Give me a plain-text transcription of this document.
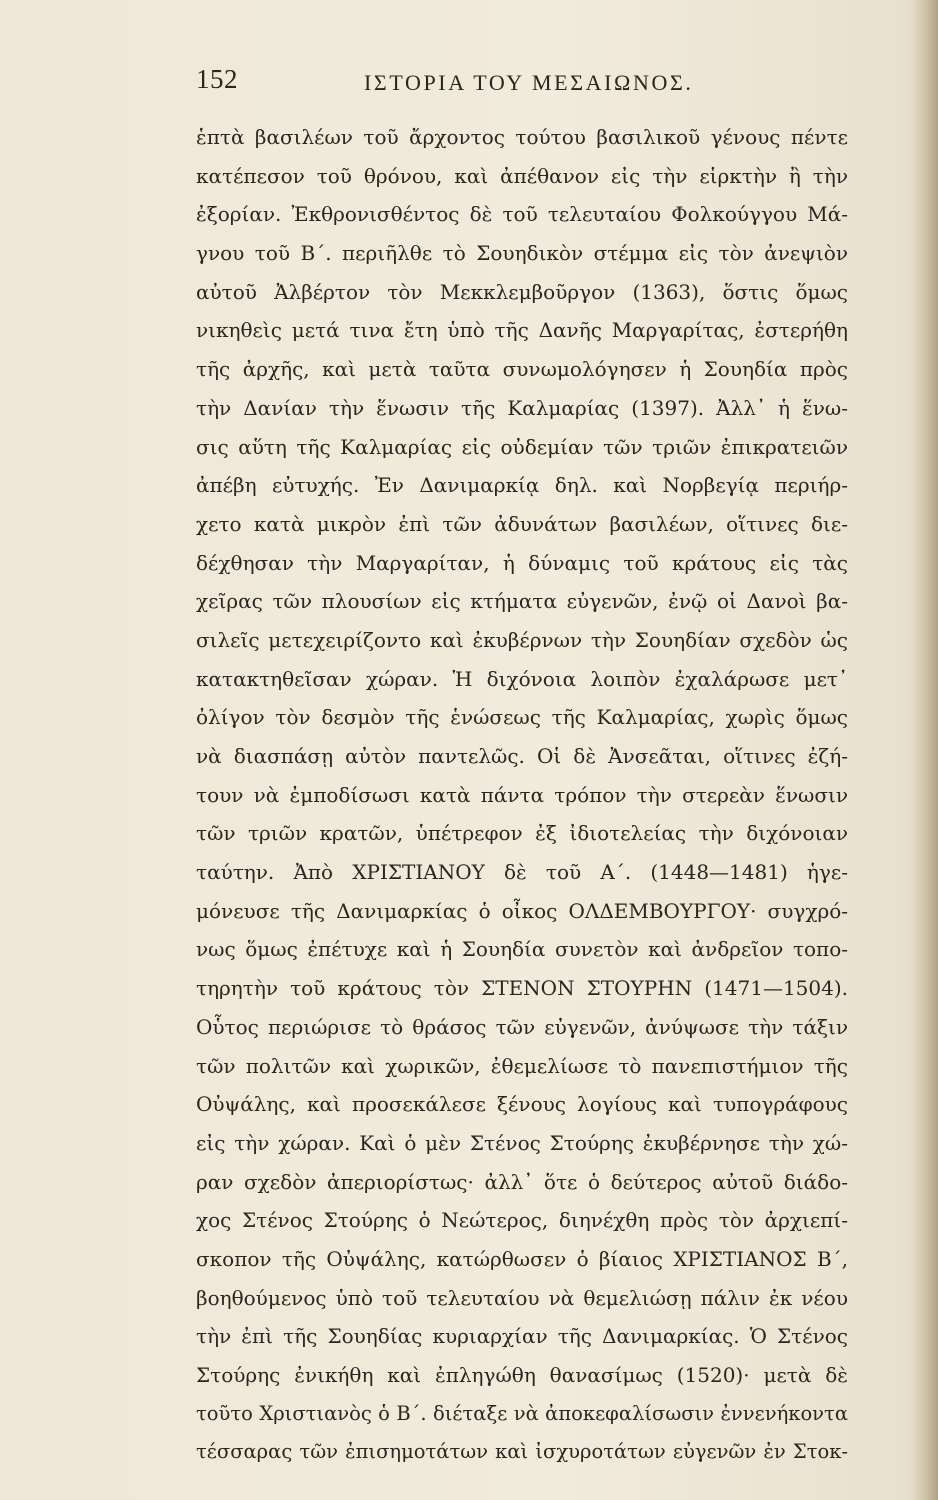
152	ΙΣΤΟΡΙΑ ΤΟΥ ΜΕΣΑΙΩΝΟΣ.
ἑπτὰ βασιλέων τοῦ ἄρχοντος τούτου βασιλικοῦ γένους πέντε
κατέπεσον τοῦ θρόνου, καὶ ἀπέθανον εἰς τὴν εἱρκτὴν ἢ τὴν
ἐξορίαν. Ἐκθρονισθέντος δὲ τοῦ τελευταίου Φολκούγγου Μά-
γνου τοῦ Β΄. περιῆλθε τὸ Σουηδικὸν στέμμα εἰς τὸν ἀνεψιὸν
αὐτοῦ Ἀλβέρτον τὸν Μεκκλεμβοῦργον (1363), ὅστις ὅμως
νικηθεὶς μετά τινα ἔτη ὑπὸ τῆς Δανῆς Μαργαρίτας, ἐστερήθη
τῆς ἀρχῆς, καὶ μετὰ ταῦτα συνωμολόγησεν ἡ Σουηδία πρὸς
τὴν Δανίαν τὴν ἕνωσιν τῆς Καλμαρίας (1397). Ἀλλ᾽ ἡ ἕνω-
σις αὕτη τῆς Καλμαρίας εἰς οὐδεμίαν τῶν τριῶν ἐπικρατειῶν
ἀπέβη εὐτυχής. Ἐν Δανιμαρκίᾳ δηλ. καὶ Νορβεγίᾳ περιήρ-
χετο κατὰ μικρὸν ἐπὶ τῶν ἀδυνάτων βασιλέων, οἵτινες διε-
δέχθησαν τὴν Μαργαρίταν, ἡ δύναμις τοῦ κράτους εἰς τὰς
χεῖρας τῶν πλουσίων εἰς κτήματα εὐγενῶν, ἐνῷ οἱ Δανοὶ βα-
σιλεῖς μετεχειρίζοντο καὶ ἐκυβέρνων τὴν Σουηδίαν σχεδὸν ὡς
κατακτηθεῖσαν χώραν. Ἡ διχόνοια λοιπὸν ἐχαλάρωσε μετ᾽
ὀλίγον τὸν δεσμὸν τῆς ἑνώσεως τῆς Καλμαρίας, χωρὶς ὅμως
νὰ διασπάσῃ αὐτὸν παντελῶς. Οἱ δὲ Ἀνσεᾶται, οἵτινες ἐζή-
τουν νὰ ἐμποδίσωσι κατὰ πάντα τρόπον τὴν στερεὰν ἕνωσιν
τῶν τριῶν κρατῶν, ὑπέτρεφον ἐξ ἰδιοτελείας τὴν διχόνοιαν
ταύτην. Ἀπὸ ΧΡΙΣΤΙΑΝΟΥ δὲ τοῦ Α΄. (1448—1481) ἡγε-
μόνευσε τῆς Δανιμαρκίας ὁ οἶκος ΟΛΔΕΜΒΟΥΡΓΟΥ· συγχρό-
νως ὅμως ἐπέτυχε καὶ ἡ Σουηδία συνετὸν καὶ ἀνδρεῖον τοπο-
τηρητὴν τοῦ κράτους τὸν ΣΤΕΝΟΝ ΣΤΟΥΡΗΝ (1471—1504).
Οὗτος περιώρισε τὸ θράσος τῶν εὐγενῶν, ἀνύψωσε τὴν τάξιν
τῶν πολιτῶν καὶ χωρικῶν, ἐθεμελίωσε τὸ πανεπιστήμιον τῆς
Οὐψάλης, καὶ προσεκάλεσε ξένους λογίους καὶ τυπογράφους
εἰς τὴν χώραν. Καὶ ὁ μὲν Στένος Στούρης ἐκυβέρνησε τὴν χώ-
ραν σχεδὸν ἀπεριορίστως· ἀλλ᾽ ὅτε ὁ δεύτερος αὐτοῦ διάδο-
χος Στένος Στούρης ὁ Νεώτερος, διηνέχθη πρὸς τὸν ἀρχιεπί-
σκοπον τῆς Οὐψάλης, κατώρθωσεν ὁ βίαιος ΧΡΙΣΤΙΑΝΟΣ Β΄,
βοηθούμενος ὑπὸ τοῦ τελευταίου νὰ θεμελιώσῃ πάλιν ἐκ νέου
τὴν ἐπὶ τῆς Σουηδίας κυριαρχίαν τῆς Δανιμαρκίας. Ὁ Στένος
Στούρης ἐνικήθη καὶ ἐπληγώθη θανασίμως (1520)· μετὰ δὲ
τοῦτο Χριστιανὸς ὁ Β΄. διέταξε νὰ ἀποκεφαλίσωσιν ἐννενήκοντα
τέσσαρας τῶν ἐπισημοτάτων καὶ ἰσχυροτάτων εὐγενῶν ἐν Στοκ-
